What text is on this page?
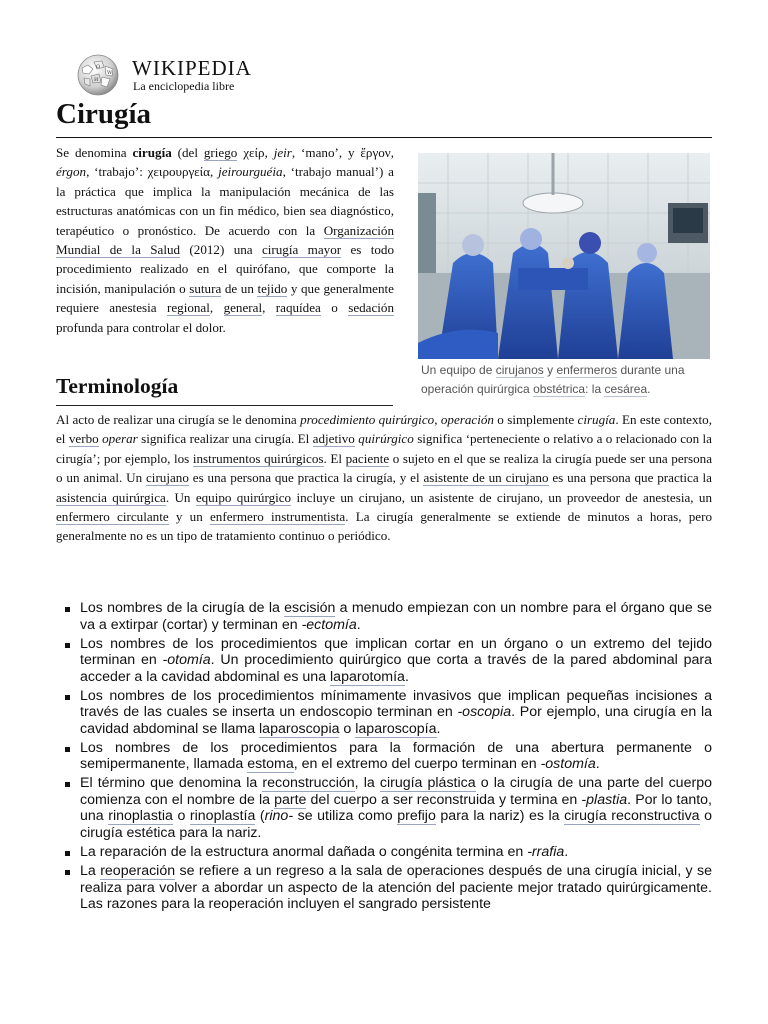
Ω
W
И WIKIPEDIA
La enciclopedia libre
Cirugía

Se denomina cirugía (del griego χείρ, jeir, ‘mano’, y ἔργον, érgon, ‘trabajo’: χειρουργεία, jeirourguéia, ‘trabajo manual’) a la práctica que implica la manipulación mecánica de las estructuras anatómicas con un fin médico, bien sea diagnóstico, terapéutico o pronóstico. De acuerdo con la Organización Mundial de la Salud (2012) una cirugía mayor es todo procedimiento realizado en el quirófano, que comporte la incisión, manipulación o sutura de un tejido y que generalmente requiere anestesia regional, general, raquídea o sedación profunda para controlar el dolor.

Un equipo de cirujanos y enfermeros durante una operación quirúrgica obstétrica: la cesárea.
Terminología

Al acto de realizar una cirugía se le denomina procedimiento quirúrgico, operación o simplemente cirugía. En este contexto, el verbo operar significa realizar una cirugía. El adjetivo quirúrgico significa ‘perteneciente o relativo a o relacionado con la cirugía’; por ejemplo, los instrumentos quirúrgicos. El paciente o sujeto en el que se realiza la cirugía puede ser una persona o un animal. Un cirujano es una persona que practica la cirugía, y el asistente de un cirujano es una persona que practica la asistencia quirúrgica. Un equipo quirúrgico incluye un cirujano, un asistente de cirujano, un proveedor de anestesia, un enfermero circulante y un enfermero instrumentista. La cirugía generalmente se extiende de minutos a horas, pero generalmente no es un tipo de tratamiento continuo o periódico.

Los nombres de la cirugía de la escisión a menudo empiezan con un nombre para el órgano que se va a extirpar (cortar) y terminan en -ectomía.
Los nombres de los procedimientos que implican cortar en un órgano o un extremo del tejido terminan en -otomía. Un procedimiento quirúrgico que corta a través de la pared abdominal para acceder a la cavidad abdominal es una laparotomía.
Los nombres de los procedimientos mínimamente invasivos que implican pequeñas incisiones a través de las cuales se inserta un endoscopio terminan en -oscopia. Por ejemplo, una cirugía en la cavidad abdominal se llama laparoscopia o laparoscopía.
Los nombres de los procedimientos para la formación de una abertura permanente o semipermanente, llamada estoma, en el extremo del cuerpo terminan en -ostomía.
El término que denomina la reconstrucción, la cirugía plástica o la cirugía de una parte del cuerpo comienza con el nombre de la parte del cuerpo a ser reconstruida y termina en -plastia. Por lo tanto, una rinoplastia o rinoplastía (rino- se utiliza como prefijo para la nariz) es la cirugía reconstructiva o cirugía estética para la nariz.
La reparación de la estructura anormal dañada o congénita termina en -rrafia.
La reoperación se refiere a un regreso a la sala de operaciones después de una cirugía inicial, y se realiza para volver a abordar un aspecto de la atención del paciente mejor tratado quirúrgicamente. Las razones para la reoperación incluyen el sangrado persistente
